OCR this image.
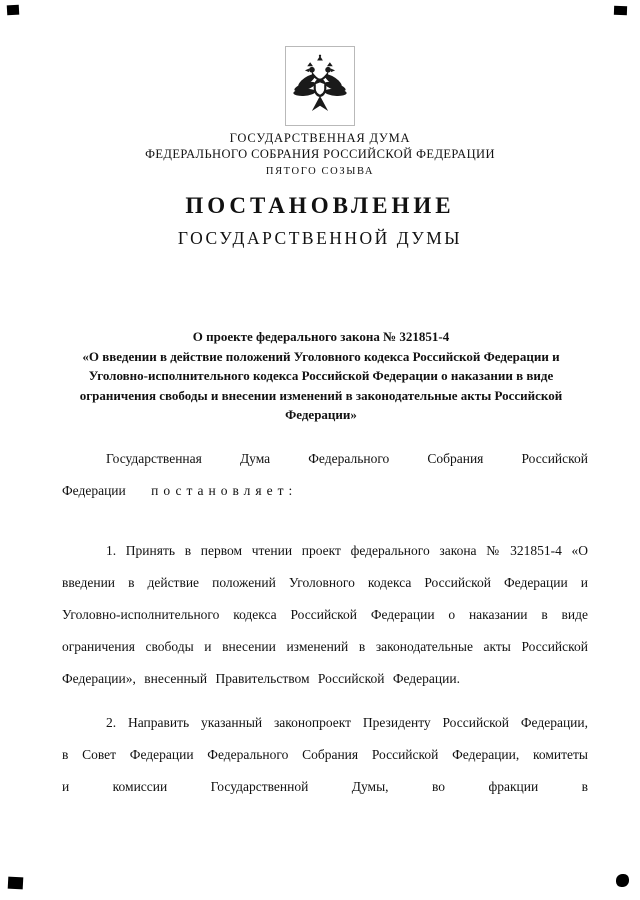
ГОСУДАРСТВЕННАЯ ДУМА
ФЕДЕРАЛЬНОГО СОБРАНИЯ РОССИЙСКОЙ ФЕДЕРАЦИИ
ПЯТОГО СОЗЫВА
ПОСТАНОВЛЕНИЕ
ГОСУДАРСТВЕННОЙ ДУМЫ
О проекте федерального закона № 321851-4
«О введении в действие положений Уголовного кодекса Российской Федерации и Уголовно-исполнительного кодекса Российской Федерации о наказании в виде ограничения свободы и внесении изменений в законодательные акты Российской Федерации»

Государственная Дума Федерального Собрания Российской Федерации постановляет:

1. Принять в первом чтении проект федерального закона № 321851-4 «О введении в действие положений Уголовного кодекса Российской Федерации и Уголовно-исполнительного кодекса Российской Федерации о наказании в виде ограничения свободы и внесении изменений в законодательные акты Российской Федерации», внесенный Правительством Российской Федерации.

2. Направить указанный законопроект Президенту Российской Федерации, в Совет Федерации Федерального Собрания Российской Федерации, комитеты и комиссии Государственной Думы, во фракции в
